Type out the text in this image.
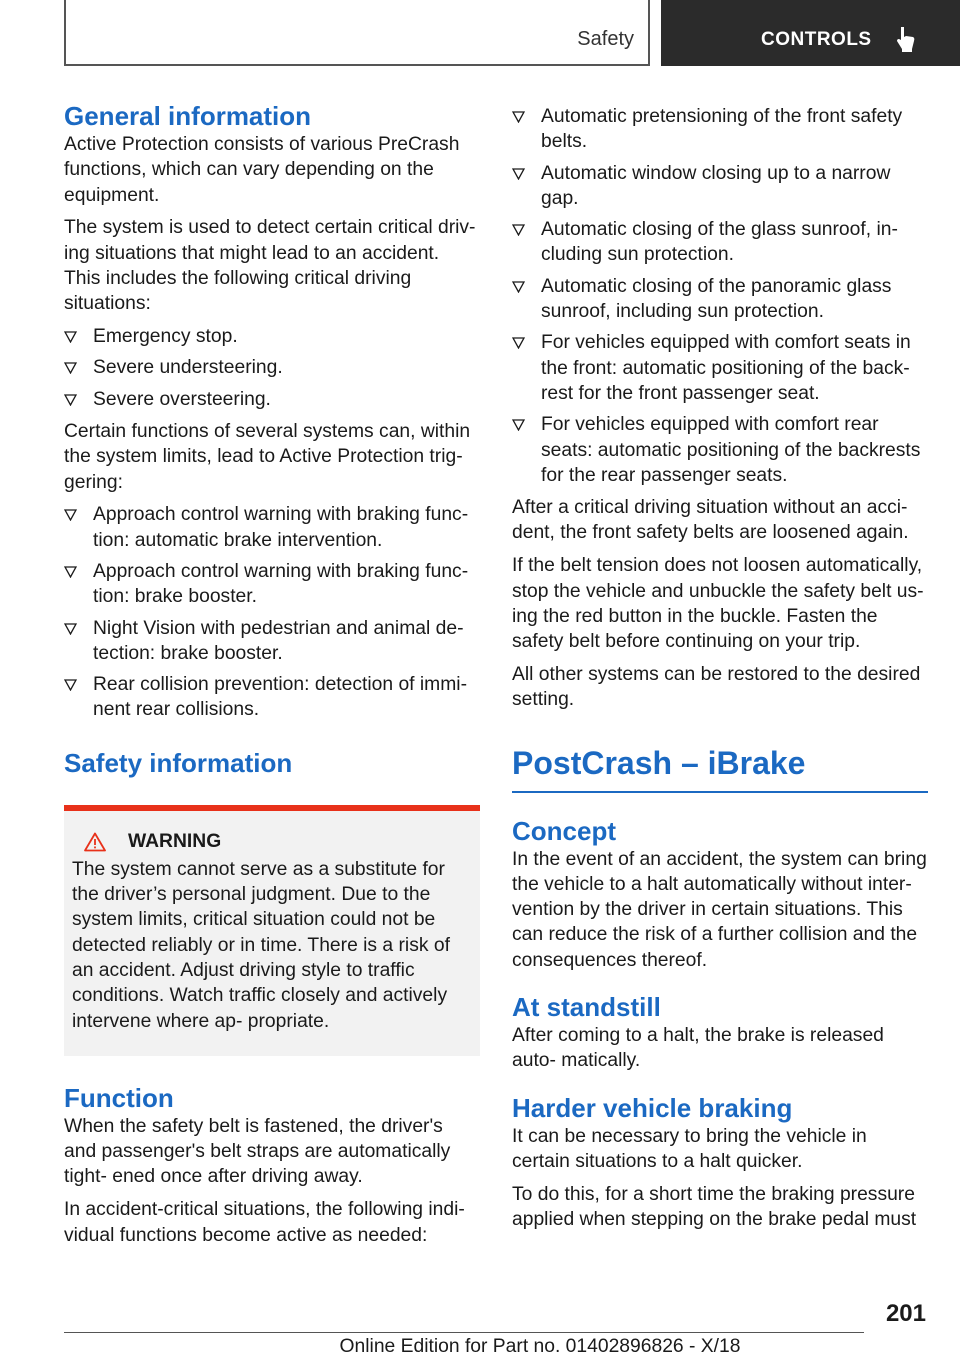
Safety	CONTROLS
General information

Active Protection consists of various PreCrash functions, which can vary depending on the equipment.

The system is used to detect certain critical driv‐ ing situations that might lead to an accident. This includes the following critical driving situations:

Emergency stop.
Severe understeering.
Severe oversteering.

Certain functions of several systems can, within the system limits, lead to Active Protection trig‐ gering:

Approach control warning with braking func‐ tion: automatic brake intervention.
Approach control warning with braking func‐ tion: brake booster.
Night Vision with pedestrian and animal de‐ tection: brake booster.
Rear collision prevention: detection of immi‐ nent rear collisions.
Safety information
WARNING

The system cannot serve as a substitute for the driver’s personal judgment. Due to the system limits, critical situation could not be detected reliably or in time. There is a risk of an accident. Adjust driving style to traffic conditions. Watch traffic closely and actively intervene where ap‐ propriate.

Function

When the safety belt is fastened, the driver's and passenger's belt straps are automatically tight‐ ened once after driving away.

In accident-critical situations, the following indi‐ vidual functions become active as needed:

Automatic pretensioning of the front safety belts.
Automatic window closing up to a narrow gap.
Automatic closing of the glass sunroof, in‐ cluding sun protection.
Automatic closing of the panoramic glass sunroof, including sun protection.
For vehicles equipped with comfort seats in the front: automatic positioning of the back‐ rest for the front passenger seat.
For vehicles equipped with comfort rear seats: automatic positioning of the backrests for the rear passenger seats.

After a critical driving situation without an acci‐ dent, the front safety belts are loosened again.

If the belt tension does not loosen automatically, stop the vehicle and unbuckle the safety belt us‐ ing the red button in the buckle. Fasten the safety belt before continuing on your trip.

All other systems can be restored to the desired setting.

PostCrash – iBrake
Concept

In the event of an accident, the system can bring the vehicle to a halt automatically without inter‐ vention by the driver in certain situations. This can reduce the risk of a further collision and the consequences thereof.

At standstill

After coming to a halt, the brake is released auto‐ matically.

Harder vehicle braking

It can be necessary to bring the vehicle in certain situations to a halt quicker.

To do this, for a short time the braking pressure applied when stepping on the brake pedal must

201
Online Edition for Part no. 01402896826 - X/18
